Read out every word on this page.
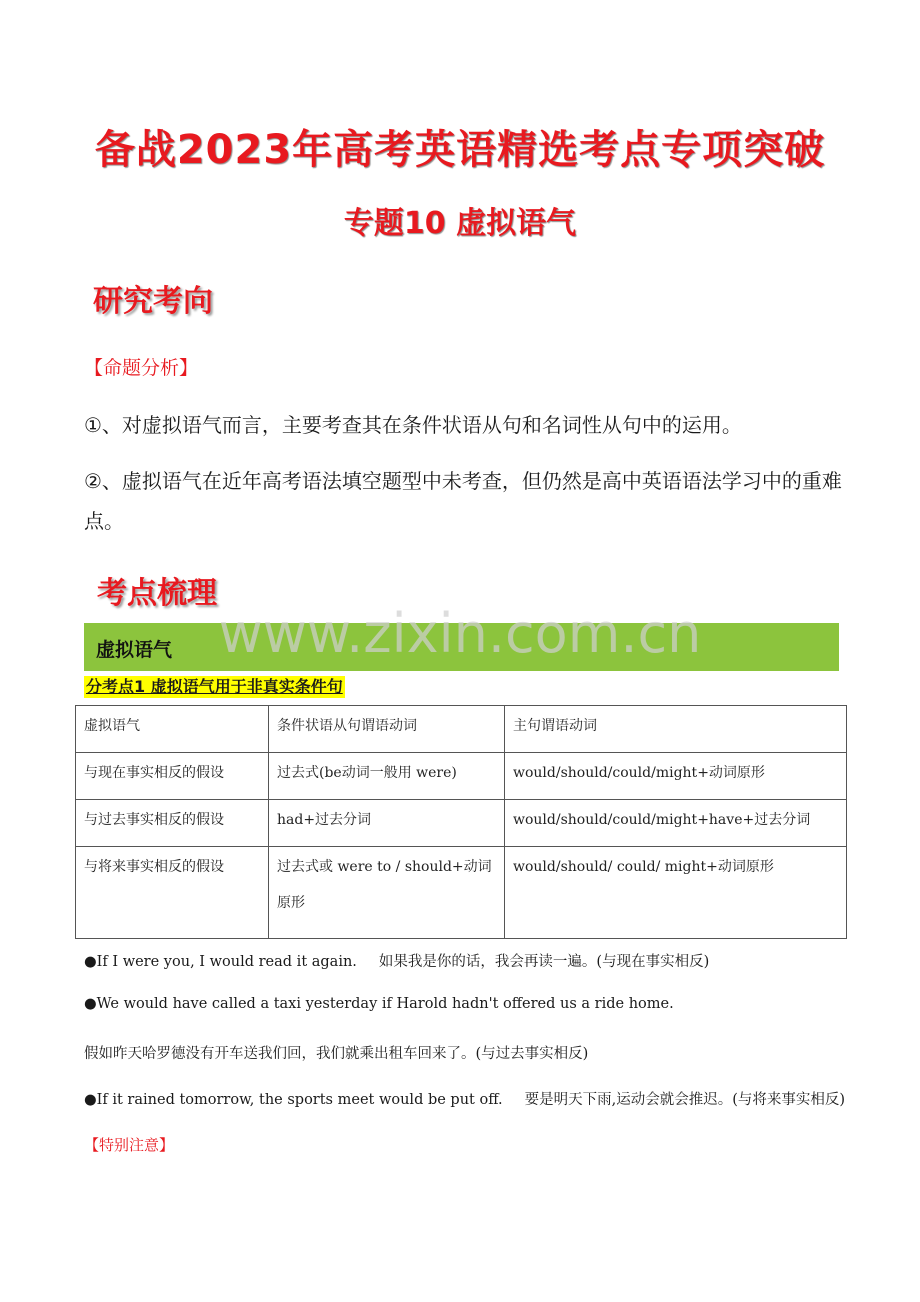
备战2023年高考英语精选考点专项突破
专题10 虚拟语气
研究考向
【命题分析】
①、对虚拟语气而言，主要考查其在条件状语从句和名词性从句中的运用。
②、虚拟语气在近年高考语法填空题型中未考查，但仍然是高中英语语法学习中的重难点。
考点梳理
www.zixin.com.cn
虚拟语气
分考点1 虚拟语气用于非真实条件句
虚拟语气	条件状语从句谓语动词	主句谓语动词
与现在事实相反的假设	过去式(be动词一般用 were)	would/should/could/might+动词原形
与过去事实相反的假设	had+过去分词	would/should/could/might+have+过去分词
与将来事实相反的假设	过去式或 were to / should+动词原形	would/should/ could/ might+动词原形
●If I were you, I would read it again. 如果我是你的话，我会再读一遍。(与现在事实相反)
●We would have called a taxi yesterday if Harold hadn't offered us a ride home.
假如昨天哈罗德没有开车送我们回，我们就乘出租车回来了。(与过去事实相反)
●If it rained tomorrow, the sports meet would be put off. 要是明天下雨,运动会就会推迟。(与将来事实相反)
【特别注意】
